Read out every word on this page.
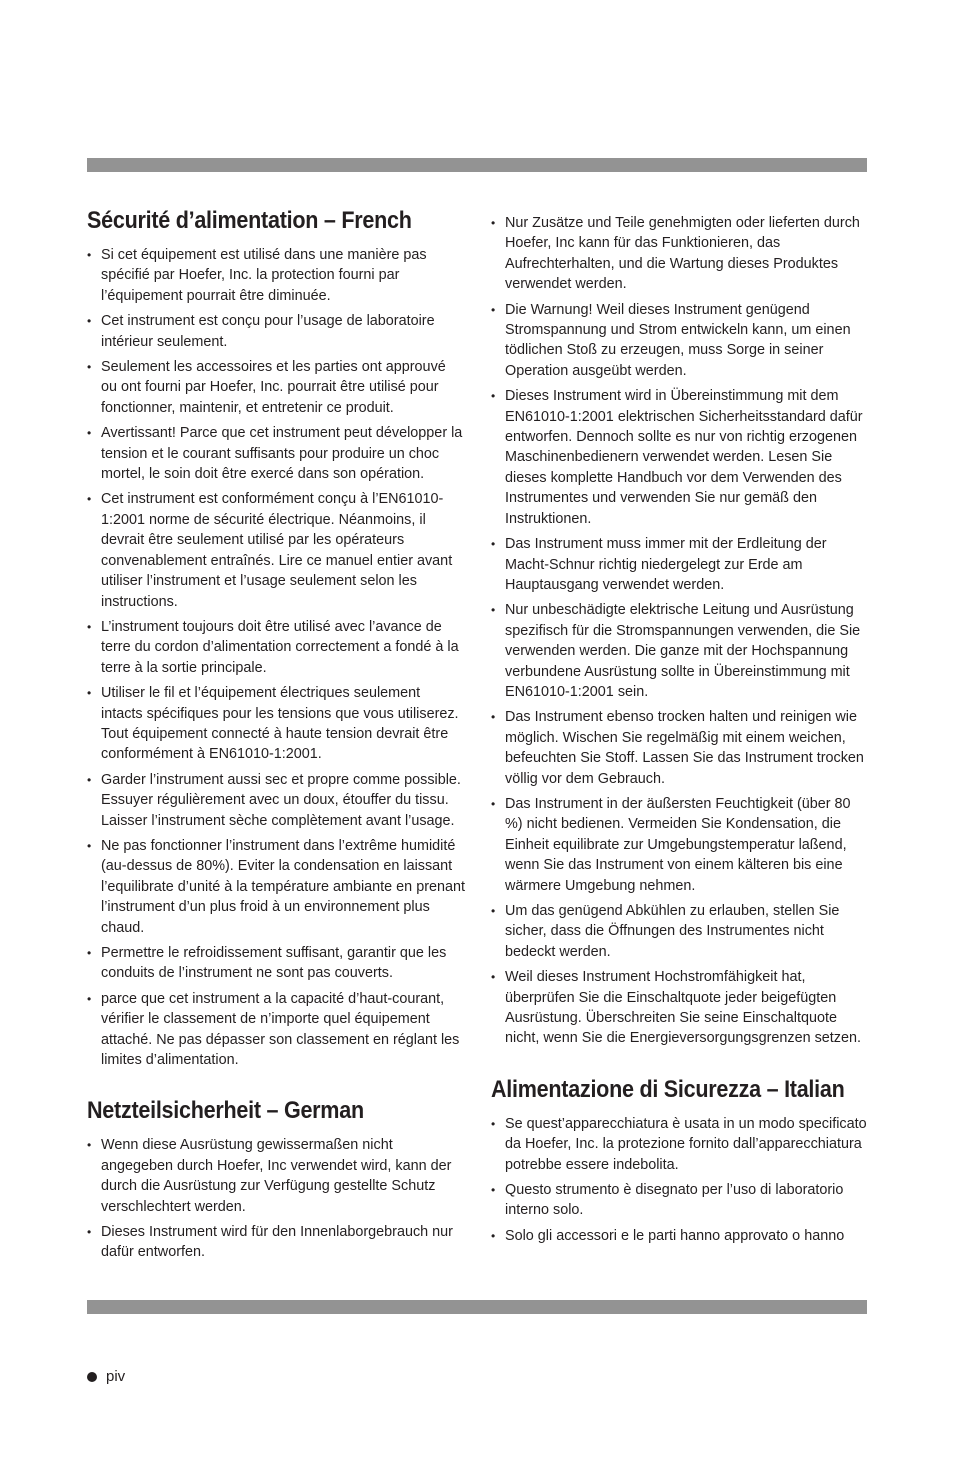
Sécurité d’alimentation – French
• Si cet équipement est utilisé dans une manière pas spécifié par Hoefer, Inc. la protection fourni par l’équipement pourrait être diminuée.
• Cet instrument est conçu pour l’usage de laboratoire intérieur seulement.
• Seulement les accessoires et les parties ont approuvé ou ont fourni par Hoefer, Inc. pourrait être utilisé pour fonctionner, maintenir, et entretenir ce produit.
• Avertissant! Parce que cet instrument peut développer la tension et le courant suffisants pour produire un choc mortel, le soin doit être exercé dans son opération.
• Cet instrument est conformément conçu à l’EN61010-1:2001 norme de sécurité électrique. Néanmoins, il devrait être seulement utilisé par les opérateurs convenablement entraînés. Lire ce manuel entier avant utiliser l’instrument et l’usage seulement selon les instructions.
• L’instrument toujours doit être utilisé avec l’avance de terre du cordon d’alimentation correctement a fondé à la terre à la sortie principale.
• Utiliser le fil et l’équipement électriques seulement intacts spécifiques pour les tensions que vous utiliserez. Tout équipement connecté à haute tension devrait être conformément à EN61010-1:2001.
• Garder l’instrument aussi sec et propre comme possible. Essuyer régulièrement avec un doux, étouffer du tissu. Laisser l’instrument sèche complètement avant l’usage.
• Ne pas fonctionner l’instrument dans l’extrême humidité (au-dessus de 80%). Eviter la condensation en laissant l’equilibrate d’unité à la température ambiante en prenant l’instrument d’un plus froid à un environnement plus chaud.
• Permettre le refroidissement suffisant, garantir que les conduits de l’instrument ne sont pas couverts.
• parce que cet instrument a la capacité d’haut-courant, vérifier le classement de n’importe quel équipement attaché. Ne pas dépasser son classement en réglant les limites d’alimentation.
Netzteilsicherheit – German
• Wenn diese Ausrüstung gewissermaßen nicht angegeben durch Hoefer, Inc verwendet wird, kann der durch die Ausrüstung zur Verfügung gestellte Schutz verschlechtert werden.
• Dieses Instrument wird für den Innenlaborgebrauch nur dafür entworfen.
• Nur Zusätze und Teile genehmigten oder lieferten durch Hoefer, Inc kann für das Funktionieren, das Aufrechterhalten, und die Wartung dieses Produktes verwendet werden.
• Die Warnung! Weil dieses Instrument genügend Stromspannung und Strom entwickeln kann, um einen tödlichen Stoß zu erzeugen, muss Sorge in seiner Operation ausgeübt werden.
• Dieses Instrument wird in Übereinstimmung mit dem EN61010-1:2001 elektrischen Sicherheitsstandard dafür entworfen. Dennoch sollte es nur von richtig erzogenen Maschinenbedienern verwendet werden. Lesen Sie dieses komplette Handbuch vor dem Verwenden des Instrumentes und verwenden Sie nur gemäß den Instruktionen.
• Das Instrument muss immer mit der Erdleitung der Macht-Schnur richtig niedergelegt zur Erde am Hauptausgang verwendet werden.
• Nur unbeschädigte elektrische Leitung und Ausrüstung spezifisch für die Stromspannungen verwenden, die Sie verwenden werden. Die ganze mit der Hochspannung verbundene Ausrüstung sollte in Übereinstimmung mit EN61010-1:2001 sein.
• Das Instrument ebenso trocken halten und reinigen wie möglich. Wischen Sie regelmäßig mit einem weichen, befeuchten Sie Stoff. Lassen Sie das Instrument trocken völlig vor dem Gebrauch.
• Das Instrument in der äußersten Feuchtigkeit (über 80 %) nicht bedienen. Vermeiden Sie Kondensation, die Einheit equilibrate zur Umgebungstemperatur laßend, wenn Sie das Instrument von einem kälteren bis eine wärmere Umgebung nehmen.
• Um das genügend Abkühlen zu erlauben, stellen Sie sicher, dass die Öffnungen des Instrumentes nicht bedeckt werden.
• Weil dieses Instrument Hochstromfähigkeit hat, überprüfen Sie die Einschaltquote jeder beigefügten Ausrüstung. Überschreiten Sie seine Einschaltquote nicht, wenn Sie die Energieversorgungsgrenzen setzen.
Alimentazione di Sicurezza – Italian
• Se quest’apparecchiatura è usata in un modo specificato da Hoefer, Inc. la protezione fornito dall’apparecchiatura potrebbe essere indebolita.
• Questo strumento è disegnato per l’uso di laboratorio interno solo.
• Solo gli accessori e le parti hanno approvato o hanno
piv
